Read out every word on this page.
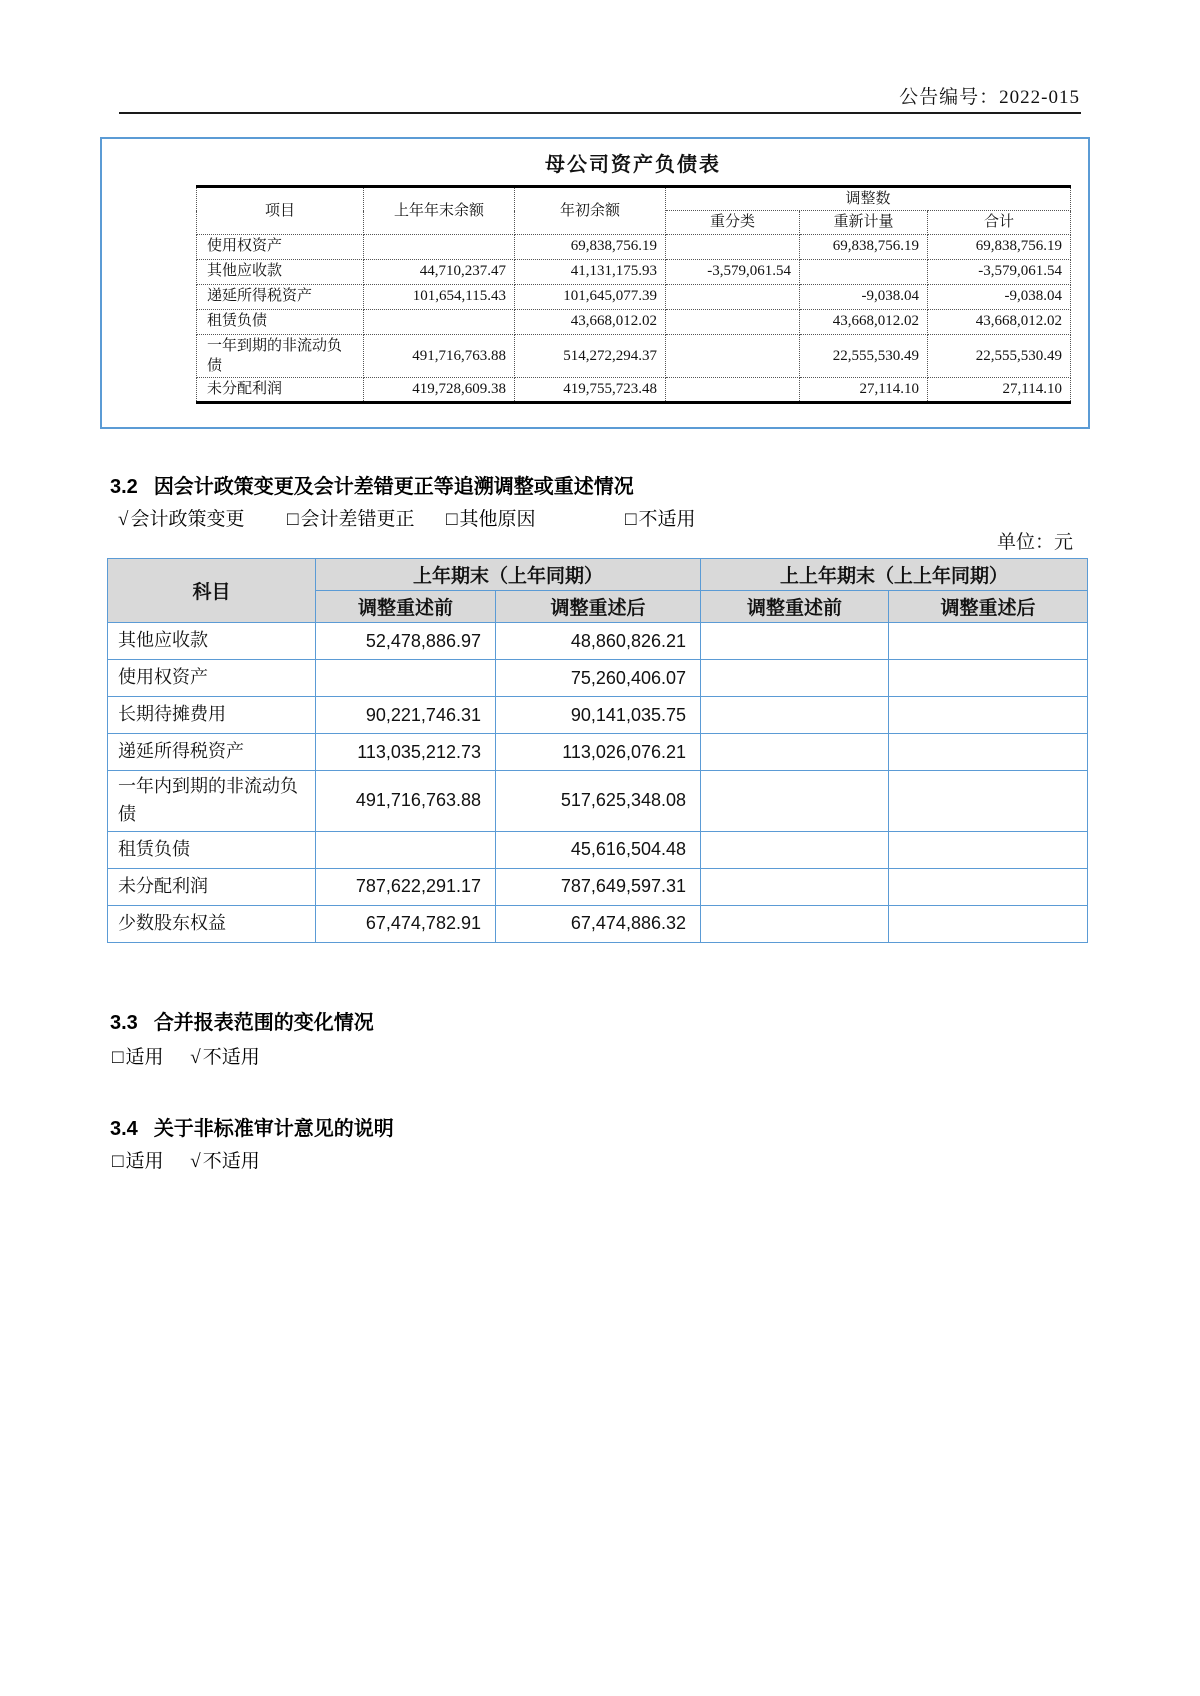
公告编号：2022-015
母公司资产负债表
项目	上年年末余额	年初余额	调整数		
			重分类	重新计量	合计
使用权资产		69,838,756.19		69,838,756.19	69,838,756.19
其他应收款	44,710,237.47	41,131,175.93	-3,579,061.54		-3,579,061.54
递延所得税资产	101,654,115.43	101,645,077.39		-9,038.04	-9,038.04
租赁负债		43,668,012.02		43,668,012.02	43,668,012.02
一年到期的非流动负债	491,716,763.88	514,272,294.37		22,555,530.49	22,555,530.49
未分配利润	419,728,609.38	419,755,723.48		27,114.10	27,114.10
3.2 因会计政策变更及会计差错更正等追溯调整或重述情况
√ 会计政策变更 □ 会计差错更正 □ 其他原因	□ 不适用
单位：元
科目	上年期末（上年同期）		上上年期末（上上年同期）	
	调整重述前	调整重述后	调整重述前	调整重述后
其他应收款	52,478,886.97	48,860,826.21		
使用权资产		75,260,406.07		
长期待摊费用	90,221,746.31	90,141,035.75		
递延所得税资产	113,035,212.73	113,026,076.21		
一年内到期的非流动负债	491,716,763.88	517,625,348.08		
租赁负债		45,616,504.48		
未分配利润	787,622,291.17	787,649,597.31		
少数股东权益	67,474,782.91	67,474,886.32		
3.3 合并报表范围的变化情况
□ 适用 √ 不适用
3.4 关于非标准审计意见的说明
□ 适用 √ 不适用
